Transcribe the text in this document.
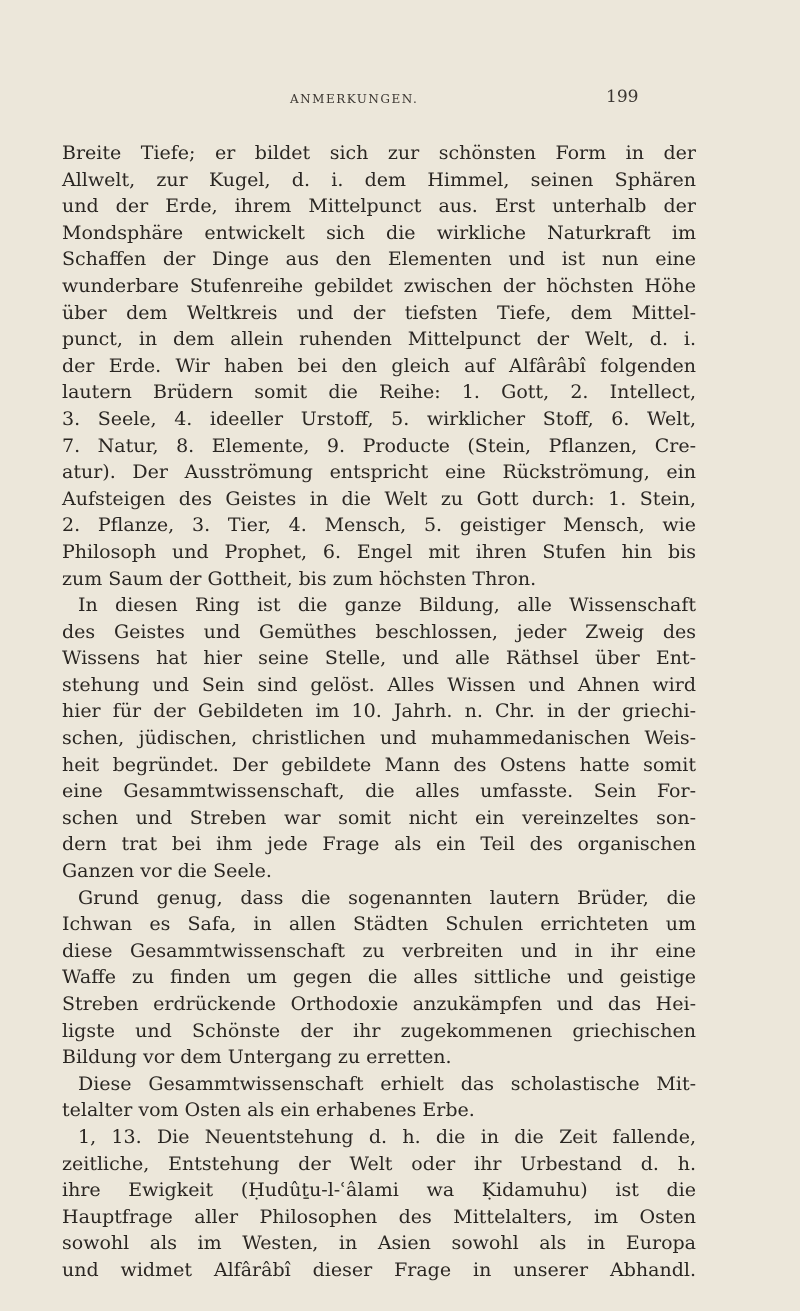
ANMERKUNGEN.	199
Breite Tiefe; er bildet sich zur schönsten Form in der
Allwelt, zur Kugel, d. i. dem Himmel, seinen Sphären
und der Erde, ihrem Mittelpunct aus. Erst unterhalb der
Mondsphäre entwickelt sich die wirkliche Naturkraft im
Schaffen der Dinge aus den Elementen und ist nun eine
wunderbare Stufenreihe gebildet zwischen der höchsten Höhe
über dem Weltkreis und der tiefsten Tiefe, dem Mittel-
punct, in dem allein ruhenden Mittelpunct der Welt, d. i.
der Erde. Wir haben bei den gleich auf Alfârâbî folgenden
lautern Brüdern somit die Reihe: 1. Gott, 2. Intellect,
3. Seele, 4. ideeller Urstoff, 5. wirklicher Stoff, 6. Welt,
7. Natur, 8. Elemente, 9. Producte (Stein, Pflanzen, Cre-
atur). Der Ausströmung entspricht eine Rückströmung, ein
Aufsteigen des Geistes in die Welt zu Gott durch: 1. Stein,
2. Pflanze, 3. Tier, 4. Mensch, 5. geistiger Mensch, wie
Philosoph und Prophet, 6. Engel mit ihren Stufen hin bis
zum Saum der Gottheit, bis zum höchsten Thron.
In diesen Ring ist die ganze Bildung, alle Wissenschaft
des Geistes und Gemüthes beschlossen, jeder Zweig des
Wissens hat hier seine Stelle, und alle Räthsel über Ent-
stehung und Sein sind gelöst. Alles Wissen und Ahnen wird
hier für der Gebildeten im 10. Jahrh. n. Chr. in der griechi-
schen, jüdischen, christlichen und muhammedanischen Weis-
heit begründet. Der gebildete Mann des Ostens hatte somit
eine Gesammtwissenschaft, die alles umfasste. Sein For-
schen und Streben war somit nicht ein vereinzeltes son-
dern trat bei ihm jede Frage als ein Teil des organischen
Ganzen vor die Seele.
Grund genug, dass die sogenannten lautern Brüder, die
Ichwan es Safa, in allen Städten Schulen errichteten um
diese Gesammtwissenschaft zu verbreiten und in ihr eine
Waffe zu finden um gegen die alles sittliche und geistige
Streben erdrückende Orthodoxie anzukämpfen und das Hei-
ligste und Schönste der ihr zugekommenen griechischen
Bildung vor dem Untergang zu erretten.
Diese Gesammtwissenschaft erhielt das scholastische Mit-
telalter vom Osten als ein erhabenes Erbe.
1, 13. Die Neuentstehung d. h. die in die Zeit fallende,
zeitliche, Entstehung der Welt oder ihr Urbestand d. h.
ihre Ewigkeit (Ḥudûṯu-l-ʿâlami wa Ḳidamuhu) ist die
Hauptfrage aller Philosophen des Mittelalters, im Osten
sowohl als im Westen, in Asien sowohl als in Europa
und widmet Alfârâbî dieser Frage in unserer Abhandl.
